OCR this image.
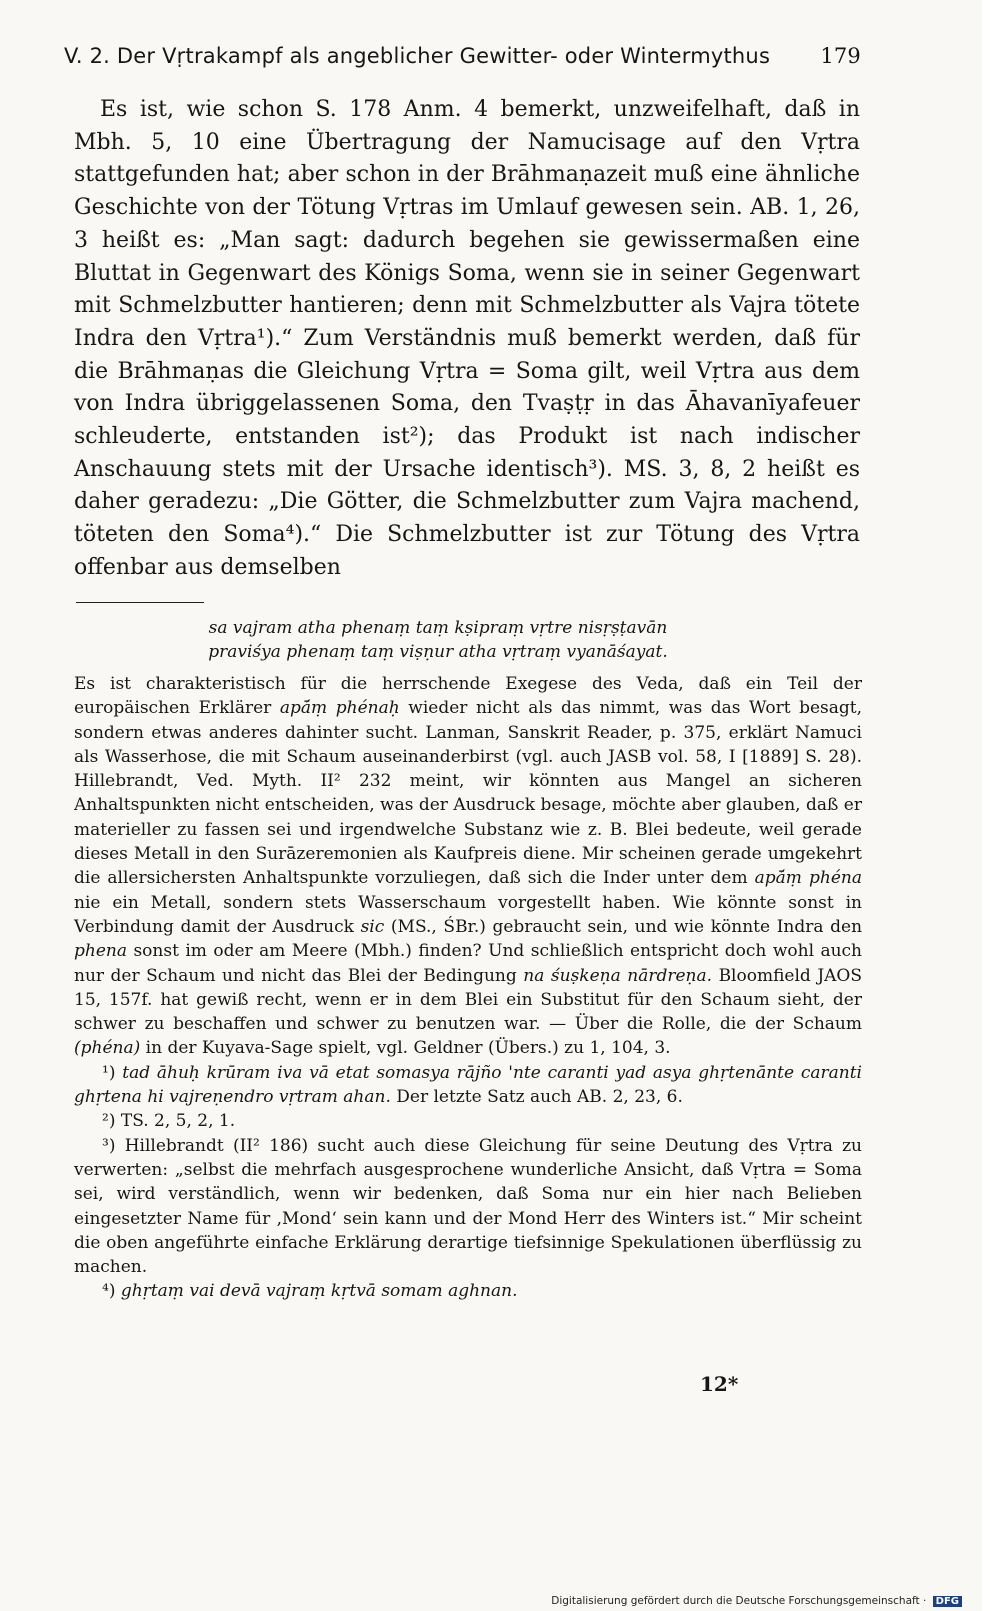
V. 2. Der Vṛtrakampf als angeblicher Gewitter- oder Wintermythus 179

Es ist, wie schon S. 178 Anm. 4 bemerkt, unzweifelhaft, daß in Mbh. 5, 10 eine Übertragung der Namucisage auf den Vṛtra stattgefunden hat; aber schon in der Brāhmaṇazeit muß eine ähnliche Geschichte von der Tötung Vṛtras im Umlauf gewesen sein. AB. 1, 26, 3 heißt es: „Man sagt: dadurch begehen sie gewissermaßen eine Bluttat in Gegenwart des Königs Soma, wenn sie in seiner Gegenwart mit Schmelzbutter hantieren; denn mit Schmelzbutter als Vajra tötete Indra den Vṛtra¹).“ Zum Verständnis muß bemerkt werden, daß für die Brāhmaṇas die Gleichung Vṛtra = Soma gilt, weil Vṛtra aus dem von Indra übriggelassenen Soma, den Tvaṣṭṛ in das Āhavanīyafeuer schleuderte, entstanden ist²); das Produkt ist nach indischer Anschauung stets mit der Ursache identisch³). MS. 3, 8, 2 heißt es daher geradezu: „Die Götter, die Schmelzbutter zum Vajra machend, töteten den Soma⁴).“ Die Schmelzbutter ist zur Tötung des Vṛtra offenbar aus demselben

sa vajram atha phenaṃ taṃ kṣipraṃ vṛtre nisṛṣṭavān
praviśya phenaṃ taṃ viṣṇur atha vṛtraṃ vyanāśayat.

Es ist charakteristisch für die herrschende Exegese des Veda, daß ein Teil der europäischen Erklärer apā́ṃ phénaḥ wieder nicht als das nimmt, was das Wort besagt, sondern etwas anderes dahinter sucht. Lanman, Sanskrit Reader, p. 375, erklärt Namuci als Wasserhose, die mit Schaum auseinanderbirst (vgl. auch JASB vol. 58, I [1889] S. 28). Hillebrandt, Ved. Myth. II² 232 meint, wir könnten aus Mangel an sicheren Anhaltspunkten nicht entscheiden, was der Ausdruck besage, möchte aber glauben, daß er materieller zu fassen sei und irgendwelche Substanz wie z. B. Blei bedeute, weil gerade dieses Metall in den Surāzeremonien als Kaufpreis diene. Mir scheinen gerade umgekehrt die allersichersten Anhaltspunkte vorzuliegen, daß sich die Inder unter dem apā́ṃ phéna nie ein Metall, sondern stets Wasserschaum vorgestellt haben. Wie könnte sonst in Verbindung damit der Ausdruck sic (MS., ŚBr.) gebraucht sein, und wie könnte Indra den phena sonst im oder am Meere (Mbh.) finden? Und schließlich entspricht doch wohl auch nur der Schaum und nicht das Blei der Bedingung na śuṣkeṇa nārdreṇa. Bloomfield JAOS 15, 157f. hat gewiß recht, wenn er in dem Blei ein Substitut für den Schaum sieht, der schwer zu beschaffen und schwer zu benutzen war. — Über die Rolle, die der Schaum (phéna) in der Kuyava-Sage spielt, vgl. Geldner (Übers.) zu 1, 104, 3.

¹) tad āhuḥ krūram iva vā etat somasya rājño 'nte caranti yad asya ghṛtenānte caranti ghṛtena hi vajreṇendro vṛtram ahan. Der letzte Satz auch AB. 2, 23, 6.

²) TS. 2, 5, 2, 1.

³) Hillebrandt (II² 186) sucht auch diese Gleichung für seine Deutung des Vṛtra zu verwerten: „selbst die mehrfach ausgesprochene wunderliche Ansicht, daß Vṛtra = Soma sei, wird verständlich, wenn wir bedenken, daß Soma nur ein hier nach Belieben eingesetzter Name für ‚Mond‘ sein kann und der Mond Herr des Winters ist.“ Mir scheint die oben angeführte einfache Erklärung derartige tiefsinnige Spekulationen überflüssig zu machen.

⁴) ghṛtaṃ vai devā vajraṃ kṛtvā somam aghnan.

12*
Digitalisierung gefördert durch die Deutsche Forschungsgemeinschaft · DFG
